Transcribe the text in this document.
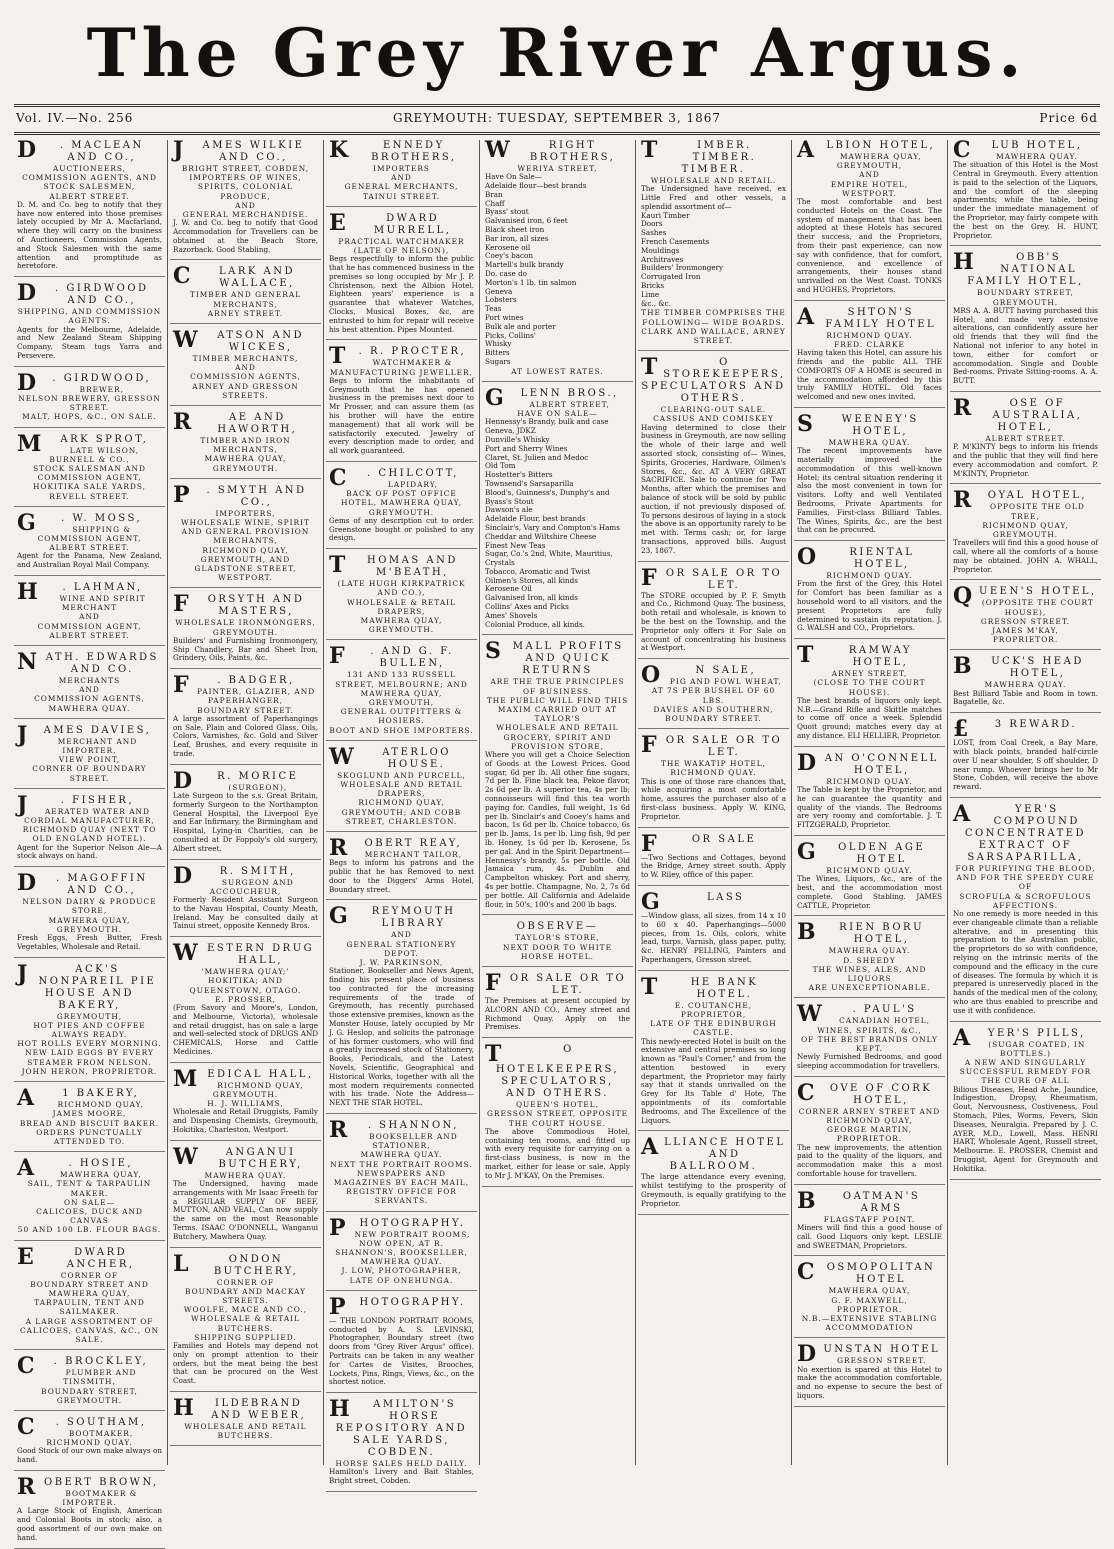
The Grey River Argus.
Vol. IV.—No. 256	GREYMOUTH: TUESDAY, SEPTEMBER 3, 1867	Price 6d
D . MACLEAN AND CO.,
AUCTIONEERS,
COMMISSION AGENTS, AND STOCK SALESMEN,
ALBERT STREET.
D. M. and Co. beg to notify that they have now entered into those premises lately occupied by Mr A. Macfarland, where they will carry on the business of Auctioneers, Commission Agents, and Stock Salesmen with the same attention and promptitude as heretofore.
D . GIRDWOOD AND CO.,
SHIPPING, AND COMMISSION AGENTS.
Agents for the Melbourne, Adelaide, and New Zealand Steam Shipping Company, Steam tugs Yarra and Persevere.
D . GIRDWOOD,
BREWER,
NELSON BREWERY, GRESSON STREET.
MALT, HOPS, &C., ON SALE.
M ARK SPROT,
LATE WILSON, BURNELL & CO.,
STOCK SALESMAN AND COMMISSION AGENT,
HOKITIKA SALE YARDS,
REVELL STREET.
G . W. MOSS,
SHIPPING & COMMISSION AGENT,
ALBERT STREET.
Agent for the Panama, New Zealand, and Australian Royal Mail Company.
H . LAHMAN,
WINE AND SPIRIT MERCHANT
AND
COMMISSION AGENT,
ALBERT STREET.
NATH. EDWARDS AND CO.
MERCHANTS
AND
COMMISSION AGENTS,
MAWHERA QUAY.
J AMES DAVIES,
MERCHANT AND IMPORTER,
VIEW POINT,
CORNER OF BOUNDARY STREET.
J	. FISHER,
AERATED WATER AND CORDIAL MANUFACTURER,
RICHMOND QUAY (NEXT TO OLD ENGLAND HOTEL).
Agent for the Superior Nelson Ale—A stock always on hand.
D . MAGOFFIN AND CO.,
NELSON DAIRY & PRODUCE STORE,
MAWHERA QUAY, GREYMOUTH.
Fresh Eggs, Fresh Butter, Fresh Vegetables, Wholesale and Retail.
J	ACK'S NONPAREIL PIE HOUSE AND BAKERY,
GREYMOUTH,
HOT PIES AND COFFEE ALWAYS READY.
HOT ROLLS EVERY MORNING.
NEW LAID EGGS BY EVERY STEAMER FROM NELSON.
JOHN HERON, PROPRIETOR.
A	1 BAKERY,
RICHMOND QUAY,
JAMES MOORE,
BREAD AND BISCUIT BAKER.
ORDERS PUNCTUALLY ATTENDED TO.
A	. HOSIE,
MAWHERA QUAY,
SAIL, TENT & TARPAULIN MAKER.
ON SALE—
CALICOES, DUCK AND CANVAS
50 AND 100 LB. FLOUR BAGS.
E	DWARD ANCHER,
CORNER OF
BOUNDARY STREET AND MAWHERA QUAY,
TARPAULIN, TENT AND SAILMAKER.
A LARGE ASSORTMENT OF CALICOES, CANVAS, &C., ON SALE.
C . BROCKLEY,
PLUMBER AND TINSMITH,
BOUNDARY STREET,
GREYMOUTH.
C . SOUTHAM,
BOOTMAKER,
RICHMOND QUAY.
Good Stock of our own make always on hand.
ROBERT BROWN,
BOOTMAKER & IMPORTER.
A Large Stock of English, American and Colonial Boots in stock; also, a good assortment of our own make on hand.
J AMES WILKIE AND CO.,
BRIGHT STREET, COBDEN,
IMPORTERS OF WINES, SPIRITS, COLONIAL PRODUCE,
AND
GENERAL MERCHANDISE.
J. W. and Co. beg to notify that Good Accommodation for Travellers can be obtained at the Beach Store, Razorback. Good Stabling.
C	LARK AND WALLACE,
TIMBER AND GENERAL MERCHANTS,
ARNEY STREET.
W ATSON AND WICKES,
TIMBER MERCHANTS,
AND
COMMISSION AGENTS,
ARNEY AND GRESSON STREETS.
R	AE AND HAWORTH,
TIMBER AND IRON MERCHANTS,
MAWHERA QUAY,
GREYMOUTH.
P . SMYTH AND CO.,
IMPORTERS,
WHOLESALE WINE, SPIRIT AND GENERAL PROVISION MERCHANTS,
RICHMOND QUAY, GREYMOUTH, AND GLADSTONE STREET, WESTPORT.
F ORSYTH AND MASTERS,
WHOLESALE IRONMONGERS,
GREYMOUTH.
Builders' and Furnishing Ironmongery, Ship Chandlery, Bar and Sheet Iron, Grindery, Oils, Paints, &c.
F	. BADGER,
PAINTER, GLAZIER, AND PAPERHANGER,
BOUNDARY STREET.
A large assortment of Paperhangings on Sale, Plain and Colored Glass, Oils, Colors, Varnishes, &c. Gold and Silver Leaf, Brushes, and every requisite in trade.
D R. MORICE
(SURGEON),
Late Surgeon to the s.s. Great Britain, formerly Surgeon to the Northampton General Hospital, the Liverpool Eye and Ear Infirmary, the Birmingham and Hospital, Lying-in Charities, can be consulted at Dr Foppoly's old surgery, Albert street.
D	R. SMITH,
SURGEON AND ACCOUCHEUR,
Formerly Resident Assistant Surgeon to the Navau Hospital, County Meath, Ireland. May be consulted daily at Tainui street, opposite Kennedy Bros.
WESTERN DRUG HALL,
'MAWHERA QUAY;'
HOKITIKA; AND QUEENSTOWN, OTAGO.
E. PROSSER,
(From Savory and Moore's, London, and Melbourne, Victoria), wholesale and retail druggist, has on sale a large and well-selected stock of DRUGS AND CHEMICALS, Horse and Cattle Medicines.
MEDICAL HALL,
RICHMOND QUAY, GREYMOUTH.
H. J. WILLIAMS,
Wholesale and Retail Druggists, Family and Dispensing Chemists, Greymouth, Hokitika, Charleston, Westport.
W	ANGANUI BUTCHERY,
MAWHERA QUAY.
The Undersigned, having made arrangements with Mr Isaac Freeth for a REGULAR SUPPLY OF BEEF, MUTTON, AND VEAL, Can now supply the same on the most Reasonable Terms. ISAAC O'DONNELL, Wanganui Butchery, Mawhera Quay.
L	ONDON BUTCHERY,
CORNER OF
BOUNDARY AND MACKAY STREETS.
WOOLFE, MACE AND CO.,
WHOLESALE & RETAIL BUTCHERS.
SHIPPING SUPPLIED.
Families and Hotels may depend not only on prompt attention to their orders, but the meat being the best that can be procured on the West Coast.
H ILDEBRAND AND WEBER,
WHOLESALE AND RETAIL BUTCHERS.
K	ENNEDY BROTHERS,
IMPORTERS
AND
GENERAL MERCHANTS,
TAINUI STREET.
E	DWARD MURRELL,
PRACTICAL WATCHMAKER
(LATE OF NELSON),
Begs respectfully to inform the public that he has commenced business in the premises so long occupied by Mr J. P. Christenson, next the Albion Hotel. Eighteen years' experience is a guarantee that whatever Watches, Clocks, Musical Boxes, &c, are entrusted to him for repair will receive his best attention. Pipes Mounted.
T . R. PROCTER,
WATCHMAKER & MANUFACTURING JEWELLER,
Begs to inform the inhabitants of Greymouth that he has opened business in the premises next door to Mr Prosser, and can assure them (as his brother will have the entire management) that all work will be satisfactorily executed. Jewelry of every description made to order, and all work guaranteed.
C . CHILCOTT,
LAPIDARY,
BACK OF POST OFFICE HOTEL, MAWHERA QUAY, GREYMOUTH.
Gems of any description cut to order. Greenstone bought or polished to any design.
T HOMAS AND M'BEATH,
(LATE HUGH KIRKPATRICK AND CO.),
WHOLESALE & RETAIL DRAPERS,
MAWHERA QUAY, GREYMOUTH.
F . AND G. F. BULLEN,
131 AND 133 RUSSELL STREET, MELBOURNE; AND MAWHERA QUAY, GREYMOUTH,
GENERAL OUTFITTERS & HOSIERS.
BOOT AND SHOE IMPORTERS.
W	ATERLOO HOUSE.
SKOGLUND AND PURCELL,
WHOLESALE AND RETAIL DRAPERS,
RICHMOND QUAY, GREYMOUTH; AND COBB STREET, CHARLESTON.
R OBERT REAY,
MERCHANT TAILOR,
Begs to inform his patrons and the public that he has Removed to next door to the Diggers' Arms Hotel, Boundary street.
G REYMOUTH LIBRARY
AND
GENERAL STATIONERY DEPOT.
J. W. PARKINSON,
Stationer, Bookseller and News Agent, finding his present place of business too contracted for the increasing requirements of the trade of Greymouth, has recently purchased those extensive premises, known as the Monster House, lately occupied by Mr J. G. Heslop, and solicits the patronage of his former customers, who will find a greatly increased stock of Stationery, Books, Periodicals, and the Latest Novels, Scientific, Geographical and Historical Works, together with all the most modern requirements connected with his trade. Note the Address—NEXT THE STAR HOTEL.
R . SHANNON,
BOOKSELLER AND STATIONER,
MAWHERA QUAY.
NEXT THE PORTRAIT ROOMS.
NEWSPAPERS AND MAGAZINES BY EACH MAIL,
REGISTRY OFFICE FOR SERVANTS.
P HOTOGRAPHY.
NEW PORTRAIT ROOMS,
NOW OPEN, AT R. SHANNON'S, BOOKSELLER, MAWHERA QUAY.
J. LOW, PHOTOGRAPHER,
LATE OF ONEHUNGA.
P HOTOGRAPHY.
— THE LONDON PORTRAIT ROOMS, conducted by A. S. LEVINSKI, Photographer, Boundary street (two doors from "Grey River Argus" office). Portraits can be taken in any weather for Cartes de Visites, Brooches, Lockets, Pins, Rings, Views, &c., on the shortest notice.
H AMILTON'S HORSE REPOSITORY AND SALE YARDS, COBDEN.
HORSE SALES HELD DAILY.
Hamilton's Livery and Bait Stables, Bright street, Cobden.
W	RIGHT BROTHERS,
WERIYA STREET,
Have On Sale—
Adelaide flour—best brands
Bran
Chaff
Byass' stout
Galvanised iron, 6 feet
Black sheet iron
Bar iron, all sizes
Kerosene oil
Coey's bacon
Martell's bulk brandy
Do. case do
Morton's 1 lb. tin salmon
Geneva
Lobsters
Teas
Port wines
Bulk ale and porter
Picks, Collins'
Whisky
Bitters
Sugars
AT LOWEST RATES.
G LENN BROS.,
ALBERT STREET,
HAVE ON SALE—
Hennessy's Brandy, bulk and case
Geneva, JDKZ
Dunville's Whisky
Port and Sherry Wines
Claret, St. Julien and Medoc
Old Tom
Hostetter's Bitters
Townsend's Sarsaparilla
Blood's, Guinness's, Dunphy's and Byass's Stout
Dawson's ale
Adelaide Flour, best brands
Sinclair's, Vary and Compton's Hams
Cheddar and Wiltshire Cheese
Finest New Teas
Sugar, Co.'s 2nd, White, Mauritius, Crystals
Tobacco, Aromatic and Twist
Oilmen's Stores, all kinds
Kerosene Oil
Galvanised Iron, all kinds
Collins' Axes and Picks
Ames' Shovels
Colonial Produce, all kinds.
SMALL PROFITS AND QUICK RETURNS
ARE THE TRUE PRINCIPLES OF BUSINESS.
THE PUBLIC WILL FIND THIS MAXIM CARRIED OUT AT
TAYLOR'S
WHOLESALE AND RETAIL GROCERY, SPIRIT AND PROVISION STORE,
Where you will get a Choice Selection of Goods at the Lowest Prices. Good sugar, 6d per lb. All other fine sugars, 7d per lb. Fine black tea, Pekoe flavor, 2s 6d per lb. A superior tea, 4s per lb; connoisseurs will find this tea worth paying for. Candles, full weight, 1s 6d per lb. Sinclair's and Cooey's hams and bacon, 1s 6d per lb. Choice tobacco, 6s per lb. Jams, 1s per lb. Ling fish, 9d per lb. Honey, 1s 6d per lb. Kerosene, 5s per gal. And in the Spirit Department— Hennessy's brandy, 5s per bottle. Old Jamaica rum, 4s. Dublin and Campbelton whiskey. Port and sherry, 4s per bottle. Champagne, No. 2, 7s 6d per bottle. All California and Adelaide flour, in 50's, 100's and 200 lb bags.
OBSERVE—
TAYLOR'S STORE,
NEXT DOOR TO WHITE HORSE HOTEL.
FOR SALE OR TO LET.
The Premises at present occupied by ALCORN AND CO., Arney street and Richmond Quay. Apply on the Premises.
T	O HOTELKEEPERS, SPECULATORS, AND OTHERS.
QUEEN'S HOTEL,
GRESSON STREET, OPPOSITE THE COURT HOUSE.
The above Commodious Hotel, containing ten rooms, and fitted up with every requisite for carrying on a first-class business, is now in the market, either for lease or sale. Apply to Mr J. M'KAY, On the Premises.
T	IMBER. TIMBER. TIMBER.
WHOLESALE AND RETAIL.
The Undersigned have received, ex Little Fred and other vessels, a splendid assortment of—
Kauri Timber
Doors
Sashes
French Casements
Mouldings
Architraves
Builders' Ironmongery
Corrugated Iron
Bricks
Lime
&c., &c.
THE TIMBER COMPRISES THE FOLLOWING— WIDE BOARDS. CLARK AND WALLACE, ARNEY STREET.
T	O STOREKEEPERS, SPECULATORS AND OTHERS.
CLEARING-OUT SALE.
CASSIUS AND COMISKEY
Having determined to close their business in Greymouth, are now selling the whole of their large and well assorted stock, consisting of— Wines, Spirits, Groceries, Hardware, Oilmen's Stores, &c., &c. AT A VERY GREAT SACRIFICE. Sale to continue for Two Months, after which the premises and balance of stock will be sold by public auction, if not previously disposed of. To persons desirous of laying in a stock the above is an opportunity rarely to be met with. Terms cash; or, for large transactions, approved bills. August 23, 1867.
FOR SALE OR TO LET.
The STORE occupied by P. F. Smyth and Co., Richmond Quay. The business, both retail and wholesale, is known to be the best on the Township, and the Proprietor only offers it For Sale on account of concentrating his business at Westport.
O	N SALE,
PIG AND FOWL WHEAT, AT 7S PER BUSHEL OF 60 LBS.
DAVIES AND SOUTHERN,
BOUNDARY STREET.
FOR SALE OR TO LET.
THE WAKATIP HOTEL,
RICHMOND QUAY.
This is one of those rare chances that, while acquiring a most comfortable home, assures the purchaser also of a first-class business. Apply W. KING, Proprietor.
F	OR SALE
—Two Sections and Cottages, beyond the Bridge, Arney street south. Apply to W. Riley, office of this paper.
G	LASS
—Window glass, all sizes, from 14 x 10 to 60 x 40. Paperhangings—5000 pieces, from 1s. Oils, colors, white lead, turps, Varnish, glass paper, putty, &c. HENRY PELLING, Painters and Paperhangers, Gresson street.
T	HE BANK HOTEL.
E. COUTANCHE, PROPRIETOR,
LATE OF THE EDINBURGH CASTLE.
This newly-erected Hotel is built on the extensive and central premises so long known as "Paul's Corner," and from the attention bestowed in every department, the Proprietor may fairly say that it stands unrivalled on the Grey for Its Table d' Hote, The appointments of its comfortable Bedrooms, and The Excellence of the Liquors.
ALLIANCE HOTEL AND BALLROOM.
The large attendance every evening, whilst testifying to the prosperity of Greymouth, is equally gratifying to the Proprietor.
ALBION HOTEL,
MAWHERA QUAY, GREYMOUTH,
AND
EMPIRE HOTEL,
WESTPORT.
The most comfortable and best conducted Hotels on the Coast. The system of management that has been adopted at these Hotels has secured their success, and the Proprietors, from their past experience, can now say with confidence, that for comfort, convenience, and excellence of arrangements, their houses stand unrivalled on the West Coast. TONKS and HUGHES, Proprietors.
A	SHTON'S FAMILY HOTEL
RICHMOND QUAY.
FRED. CLARKE
Having taken this Hotel, can assure his friends and the public ALL THE COMFORTS OF A HOME is secured in the accommodation afforded by this truly FAMILY HOTEL. Old faces welcomed and new ones invited.
S	WEENEY'S HOTEL,
MAWHERA QUAY.
The recent improvements have materially improved the accommodation of this well-known Hotel; its central situation rendering it also the most convenient in town for visitors. Lofty and well Ventilated Bedrooms, Private Apartments for Families, First-class Billiard Tables. The Wines, Spirits, &c., are the best that can be procured.
O	RIENTAL HOTEL,
RICHMOND QUAY.
From the first of the Grey, this Hotel for Comfort has been familiar as a household word to all visitors, and the present Proprietors are fully determined to sustain its reputation. J. G. WALSH and CO., Proprietors.
T	RAMWAY HOTEL,
ARNEY STREET,
(CLOSE TO THE COURT HOUSE).
The best brands of liquors only kept. N.B.—Grand Rifle and Skittle matches to come off once a week. Splendid Quoit ground; matches every day at any distance. ELI HELLIER, Proprietor.
DAN O'CONNELL HOTEL,
RICHMOND QUAY.
The Table is kept by the Proprietor, and he can guarantee the quantity and quality of the viands. The Bedrooms are very roomy and comfortable. J. T. FITZGERALD, Proprietor.
G OLDEN AGE HOTEL
RICHMOND QUAY.
The Wines, Liquors, &c., are of the best, and the accommodation most complete. Good Stabling. JAMES CATTLE, Proprietor.
B RIEN BORU HOTEL,
MAWHERA QUAY.
D. SHEEDY
THE WINES, ALES, AND LIQUORS
ARE UNEXCEPTIONABLE.
W	. PAUL'S
CANADIAN HOTEL,
WINES, SPIRITS, &C.,
OF THE BEST BRANDS ONLY KEPT.
Newly Furnished Bedrooms, and good sleeping accommodation for travellers.
C OVE OF CORK HOTEL,
CORNER ARNEY STREET AND RICHMOND QUAY,
GEORGE MARTIN, PROPRIETOR.
The new improvements, the attention paid to the quality of the liquors, and accommodation make this a most comfortable house for travellers.
B OATMAN'S ARMS
FLAGSTAFF POINT.
Miners will find this a good house of call. Good Liquors only kept. LESLIE and SWEETMAN, Proprietors.
COSMOPOLITAN HOTEL
MAWHERA QUAY,
G. F. MAXWELL, PROPRIETOR.
N.B.—EXTENSIVE STABLING ACCOMMODATION
DUNSTAN HOTEL
GRESSON STREET.
No exertion is spared at this Hotel to make the accommodation comfortable, and no expense to secure the best of liquors.
C LUB HOTEL,
MAWHERA QUAY.
The situation of this Hotel is the Most Central in Greymouth. Every attention is paid to the selection of the Liquors, and the comfort of the sleeping apartments; while the table, being under the immediate management of the Proprietor, may fairly compete with the best on the Grey. H. HUNT, Proprietor.
H	OBB'S NATIONAL FAMILY HOTEL,
BOUNDARY STREET, GREYMOUTH.
MRS A. A. BUTT having purchased this Hotel, and made very extensive alterations, can confidently assure her old friends that they will find the National not inferior to any hotel in town, either for comfort or accommodation. Single and Double Bed-rooms. Private Sitting-rooms. A. A. BUTT.
R	OSE OF AUSTRALIA, HOTEL,
ALBERT STREET.
P. M'KINTY begs to inform his friends and the public that they will find here every accommodation and comfort. P. M'KINTY, Proprietor.
R OYAL HOTEL,
OPPOSITE THE OLD TREE,
RICHMOND QUAY, GREYMOUTH.
Travellers will find this a good house of call, where all the comforts of a house may be obtained. JOHN A. WHALL, Proprietor.
QUEEN'S HOTEL,
(OPPOSITE THE COURT HOUSE),
GRESSON STREET.
JAMES M'KAY,
PROPRIETOR.
B UCK'S HEAD HOTEL,
MAWHERA QUAY.
Best Billiard Table and Room in town. Bagatelle, &c.
£ 3 REWARD.
LOST, from Coal Creek, a Bay Mare, with black points, branded half-circle over U near shoulder, S off shoulder, D near rump. Whoever brings her to Mr Stone, Cobden, will receive the above reward.
A	YER'S COMPOUND CONCENTRATED EXTRACT OF SARSAPARILLA,
FOR PURIFYING THE BLOOD, AND FOR THE SPEEDY CURE OF
SCROFULA & SCROFULOUS AFFECTIONS.
No one remedy is more needed in this ever changeable climate than a reliable alterative, and in presenting this preparation to the Australian public, the proprietors do so with confidence, relying on the intrinsic merits of the compound and the efficacy in the cure of diseases. The formula by which it is prepared is unreservedly placed in the hands of the medical men of the colony, who are thus enabled to prescribe and use it with confidence.
A YER'S PILLS,
(SUGAR COATED, IN BOTTLES.)
A NEW AND SINGULARLY SUCCESSFUL REMEDY FOR THE CURE OF ALL
Bilious Diseases, Head Ache, Jaundice, Indigestion, Dropsy, Rheumatism, Gout, Nervousness, Costiveness, Foul Stomach, Piles, Worms, Fevers, Skin Diseases, Neuralgia. Prepared by J. C. AYER, M.D., Lowell, Mass. HENRI HART, Wholesale Agent, Russell street, Melbourne. E. PROSSER, Chemist and Druggist, Agent for Greymouth and Hokitika.
